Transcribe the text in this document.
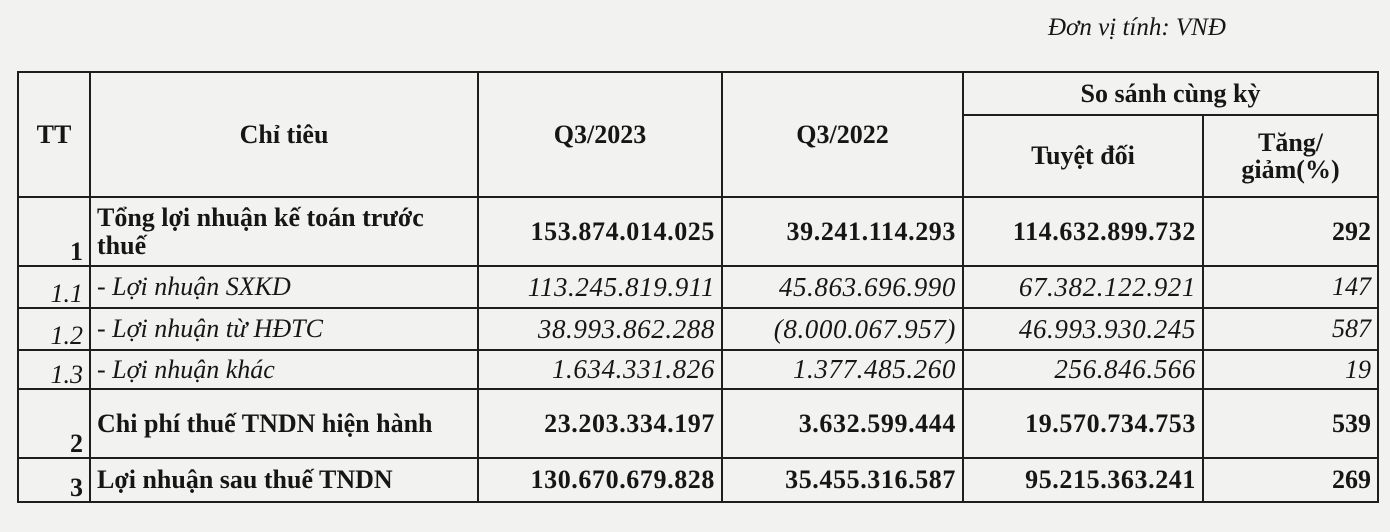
Đơn vị tính: VNĐ
TT	Chỉ tiêu	Q3/2023	Q3/2022	So sánh cùng kỳ	
				Tuyệt đối	Tăng/ giảm(%)
1	Tổng lợi nhuận kế toán trước thuế	153.874.014.025	39.241.114.293	114.632.899.732	292
1.1	- Lợi nhuận SXKD	113.245.819.911	45.863.696.990	67.382.122.921	147
1.2	- Lợi nhuận từ HĐTC	38.993.862.288	(8.000.067.957)	46.993.930.245	587
1.3	- Lợi nhuận khác	1.634.331.826	1.377.485.260	256.846.566	19
2	Chi phí thuế TNDN hiện hành	23.203.334.197	3.632.599.444	19.570.734.753	539
3	Lợi nhuận sau thuế TNDN	130.670.679.828	35.455.316.587	95.215.363.241	269
